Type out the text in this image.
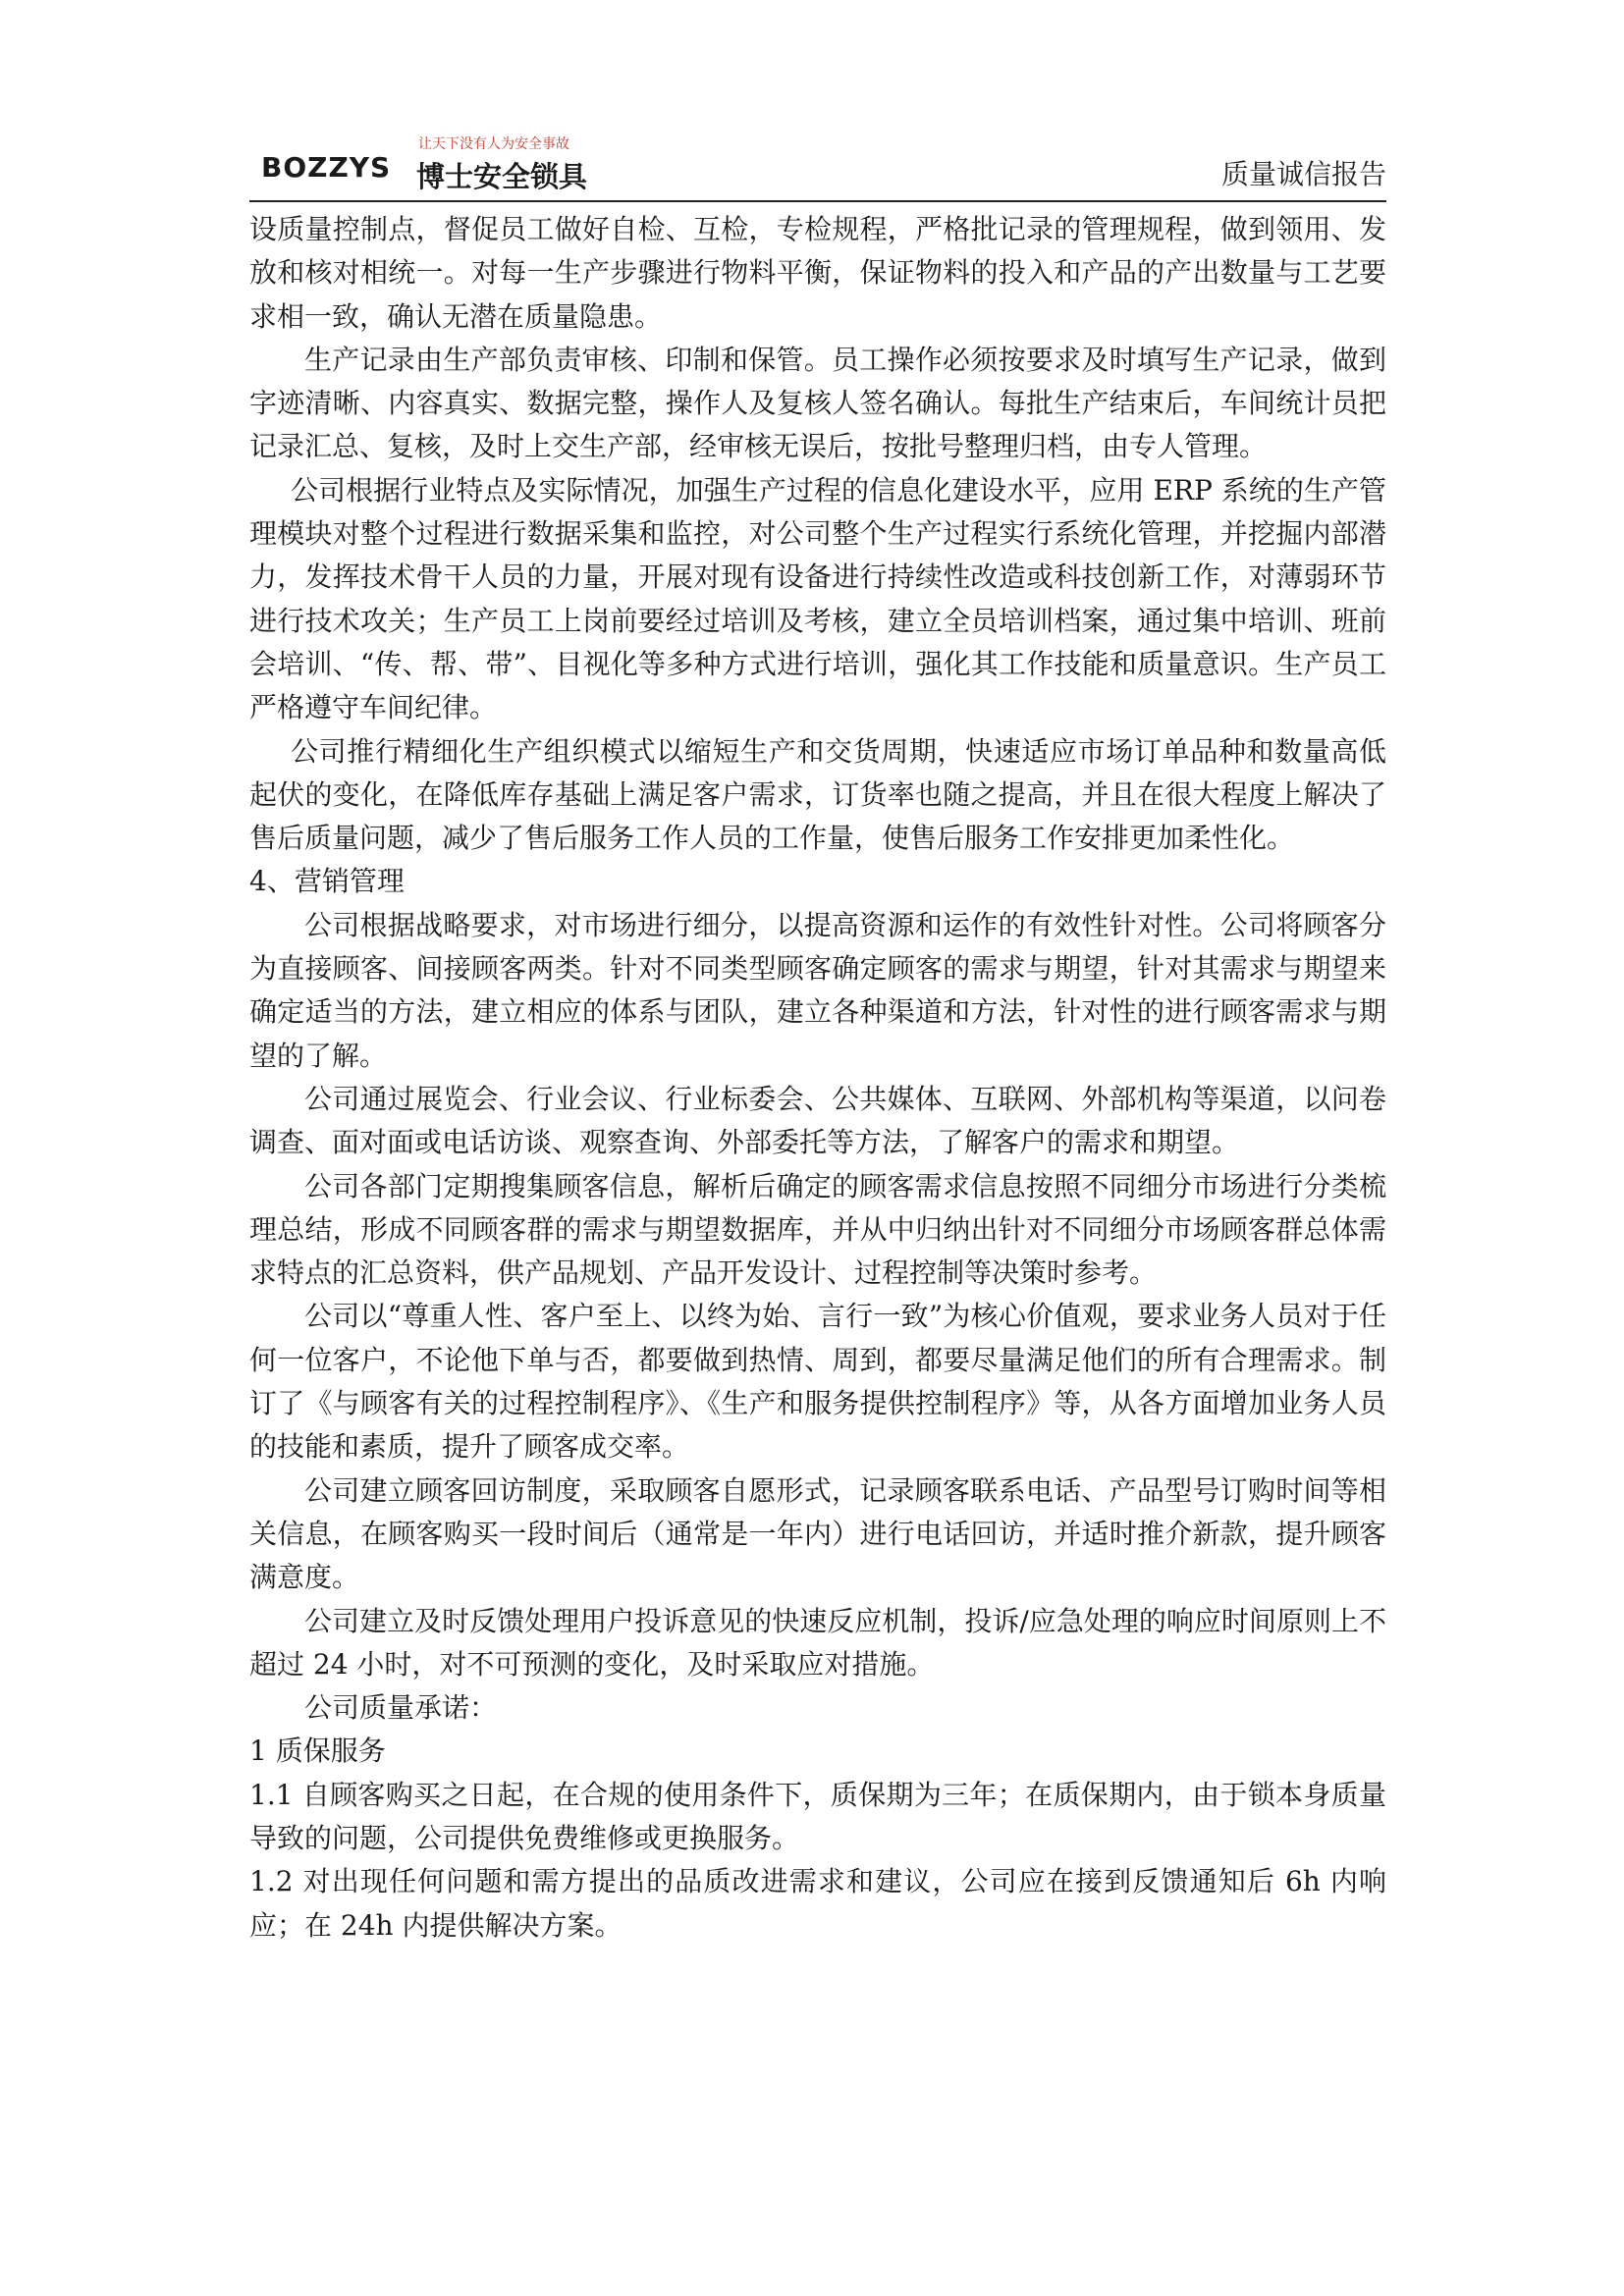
BOZZYS
让天下没有人为安全事故
博士安全锁具	质量诚信报告

设质量控制点，督促员工做好自检、互检，专检规程，严格批记录的管理规程，做到领用、发放和核对相统一。对每一生产步骤进行物料平衡，保证物料的投入和产品的产出数量与工艺要求相一致，确认无潜在质量隐患。

生产记录由生产部负责审核、印制和保管。员工操作必须按要求及时填写生产记录，做到字迹清晰、内容真实、数据完整，操作人及复核人签名确认。每批生产结束后，车间统计员把记录汇总、复核，及时上交生产部，经审核无误后，按批号整理归档，由专人管理。

公司根据行业特点及实际情况，加强生产过程的信息化建设水平，应用 ERP 系统的生产管理模块对整个过程进行数据采集和监控，对公司整个生产过程实行系统化管理，并挖掘内部潜力，发挥技术骨干人员的力量，开展对现有设备进行持续性改造或科技创新工作，对薄弱环节进行技术攻关；生产员工上岗前要经过培训及考核，建立全员培训档案，通过集中培训、班前会培训、“传、帮、带”、目视化等多种方式进行培训，强化其工作技能和质量意识。生产员工严格遵守车间纪律。

公司推行精细化生产组织模式以缩短生产和交货周期，快速适应市场订单品种和数量高低起伏的变化，在降低库存基础上满足客户需求，订货率也随之提高，并且在很大程度上解决了售后质量问题，减少了售后服务工作人员的工作量，使售后服务工作安排更加柔性化。

4、营销管理

公司根据战略要求，对市场进行细分，以提高资源和运作的有效性针对性。公司将顾客分为直接顾客、间接顾客两类。针对不同类型顾客确定顾客的需求与期望，针对其需求与期望来确定适当的方法，建立相应的体系与团队，建立各种渠道和方法，针对性的进行顾客需求与期望的了解。

公司通过展览会、行业会议、行业标委会、公共媒体、互联网、外部机构等渠道，以问卷调查、面对面或电话访谈、观察查询、外部委托等方法，了解客户的需求和期望。

公司各部门定期搜集顾客信息，解析后确定的顾客需求信息按照不同细分市场进行分类梳理总结，形成不同顾客群的需求与期望数据库，并从中归纳出针对不同细分市场顾客群总体需求特点的汇总资料，供产品规划、产品开发设计、过程控制等决策时参考。

公司以“尊重人性、客户至上、以终为始、言行一致”为核心价值观，要求业务人员对于任何一位客户，不论他下单与否，都要做到热情、周到，都要尽量满足他们的所有合理需求。制订了《与顾客有关的过程控制程序》、《生产和服务提供控制程序》等，从各方面增加业务人员的技能和素质，提升了顾客成交率。

公司建立顾客回访制度，采取顾客自愿形式，记录顾客联系电话、产品型号订购时间等相关信息，在顾客购买一段时间后（通常是一年内）进行电话回访，并适时推介新款，提升顾客满意度。

公司建立及时反馈处理用户投诉意见的快速反应机制，投诉/应急处理的响应时间原则上不超过 24 小时，对不可预测的变化，及时采取应对措施。

公司质量承诺：

1 质保服务

1.1 自顾客购买之日起，在合规的使用条件下，质保期为三年；在质保期内，由于锁本身质量导致的问题，公司提供免费维修或更换服务。

1.2 对出现任何问题和需方提出的品质改进需求和建议，公司应在接到反馈通知后 6h 内响应；在 24h 内提供解决方案。
